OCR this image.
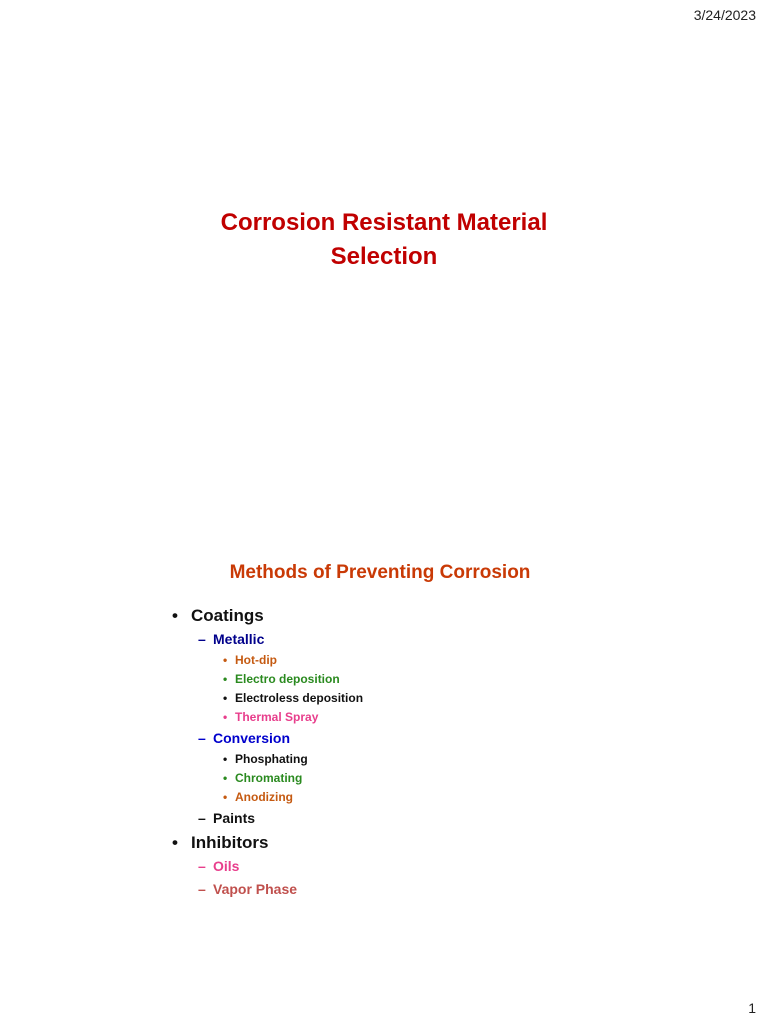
3/24/2023
Corrosion Resistant Material
Selection
Methods of Preventing Corrosion
• Coatings
– Metallic
• Hot-dip
• Electro deposition
• Electroless deposition
• Thermal Spray
– Conversion
• Phosphating
• Chromating
• Anodizing
– Paints
• Inhibitors
– Oils
– Vapor Phase
1
